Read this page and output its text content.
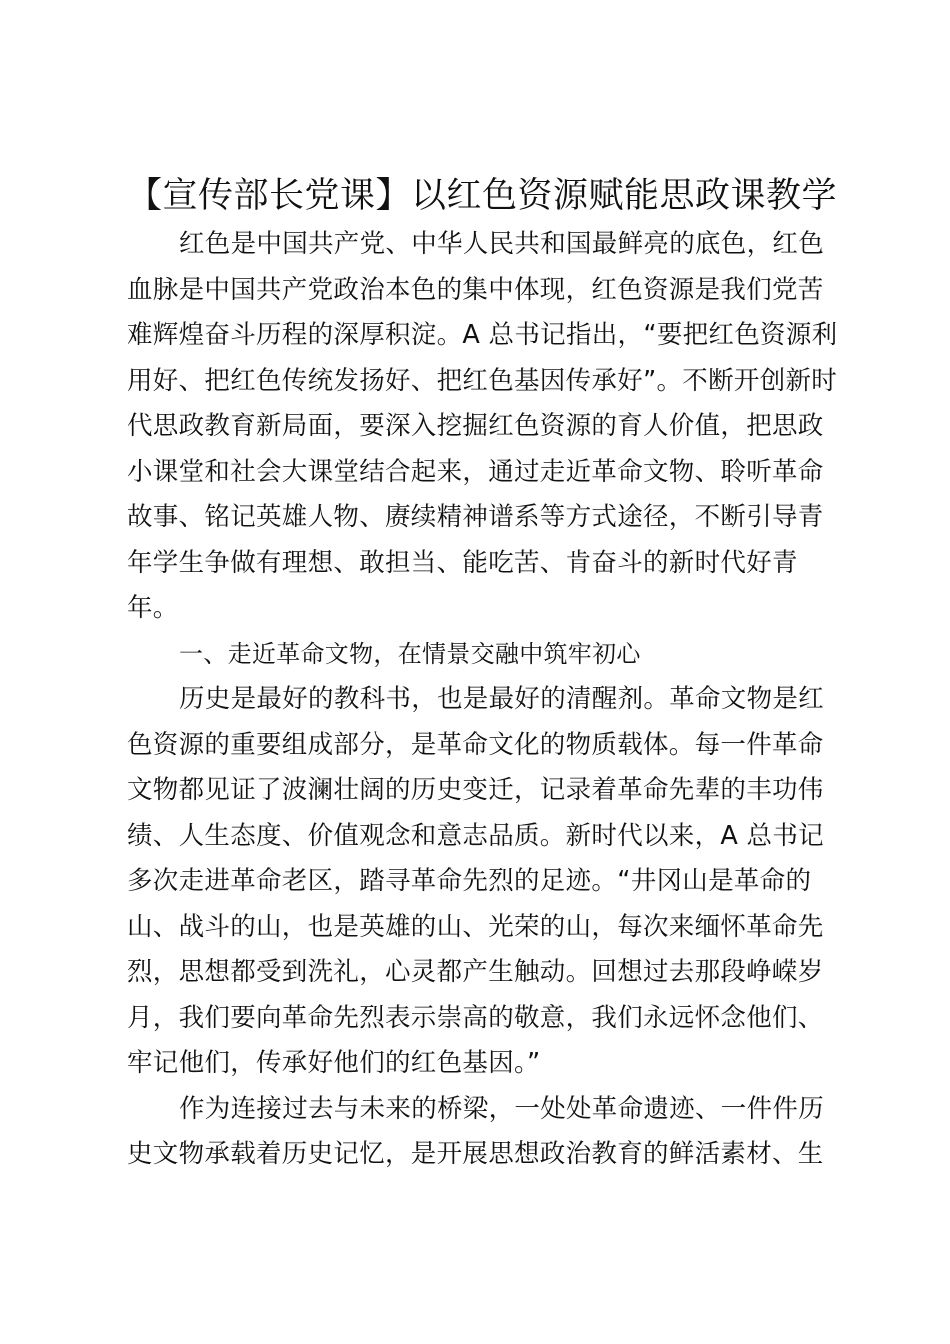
【宣传部长党课】以红色资源赋能思政课教学
红色是中国共产党、中华人民共和国最鲜亮的底色，红色
血脉是中国共产党政治本色的集中体现，红色资源是我们党苦
难辉煌奋斗历程的深厚积淀。A 总书记指出，“要把红色资源利
用好、把红色传统发扬好、把红色基因传承好”。不断开创新时
代思政教育新局面，要深入挖掘红色资源的育人价值，把思政
小课堂和社会大课堂结合起来，通过走近革命文物、聆听革命
故事、铭记英雄人物、赓续精神谱系等方式途径，不断引导青
年学生争做有理想、敢担当、能吃苦、肯奋斗的新时代好青
年。
一、走近革命文物，在情景交融中筑牢初心
历史是最好的教科书，也是最好的清醒剂。革命文物是红
色资源的重要组成部分，是革命文化的物质载体。每一件革命
文物都见证了波澜壮阔的历史变迁，记录着革命先辈的丰功伟
绩、人生态度、价值观念和意志品质。新时代以来，A 总书记
多次走进革命老区，踏寻革命先烈的足迹。“井冈山是革命的
山、战斗的山，也是英雄的山、光荣的山，每次来缅怀革命先
烈，思想都受到洗礼，心灵都产生触动。回想过去那段峥嵘岁
月，我们要向革命先烈表示崇高的敬意，我们永远怀念他们、
牢记他们，传承好他们的红色基因。”
作为连接过去与未来的桥梁，一处处革命遗迹、一件件历
史文物承载着历史记忆，是开展思想政治教育的鲜活素材、生
